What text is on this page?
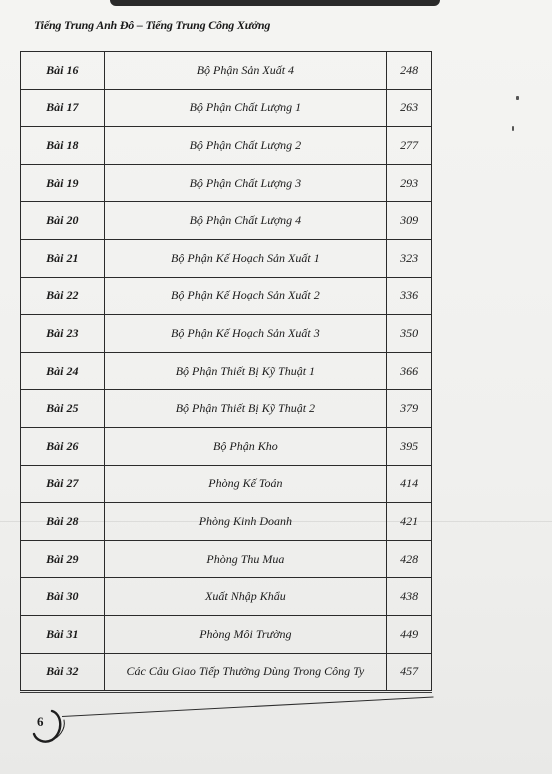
Tiếng Trung Anh Đô – Tiếng Trung Công Xưởng
Bài 16	Bộ Phận Sản Xuất 4	248
Bài 17	Bộ Phận Chất Lượng 1	263
Bài 18	Bộ Phận Chất Lượng 2	277
Bài 19	Bộ Phận Chất Lượng 3	293
Bài 20	Bộ Phận Chất Lượng 4	309
Bài 21	Bộ Phận Kế Hoạch Sản Xuất 1	323
Bài 22	Bộ Phận Kế Hoạch Sản Xuất 2	336
Bài 23	Bộ Phận Kế Hoạch Sản Xuất 3	350
Bài 24	Bộ Phận Thiết Bị Kỹ Thuật 1	366
Bài 25	Bộ Phận Thiết Bị Kỹ Thuật 2	379
Bài 26	Bộ Phận Kho	395
Bài 27	Phòng Kế Toán	414
Bài 28	Phòng Kinh Doanh	421
Bài 29	Phòng Thu Mua	428
Bài 30	Xuất Nhập Khẩu	438
Bài 31	Phòng Môi Trường	449
Bài 32	Các Câu Giao Tiếp Thường Dùng Trong Công Ty	457
6
